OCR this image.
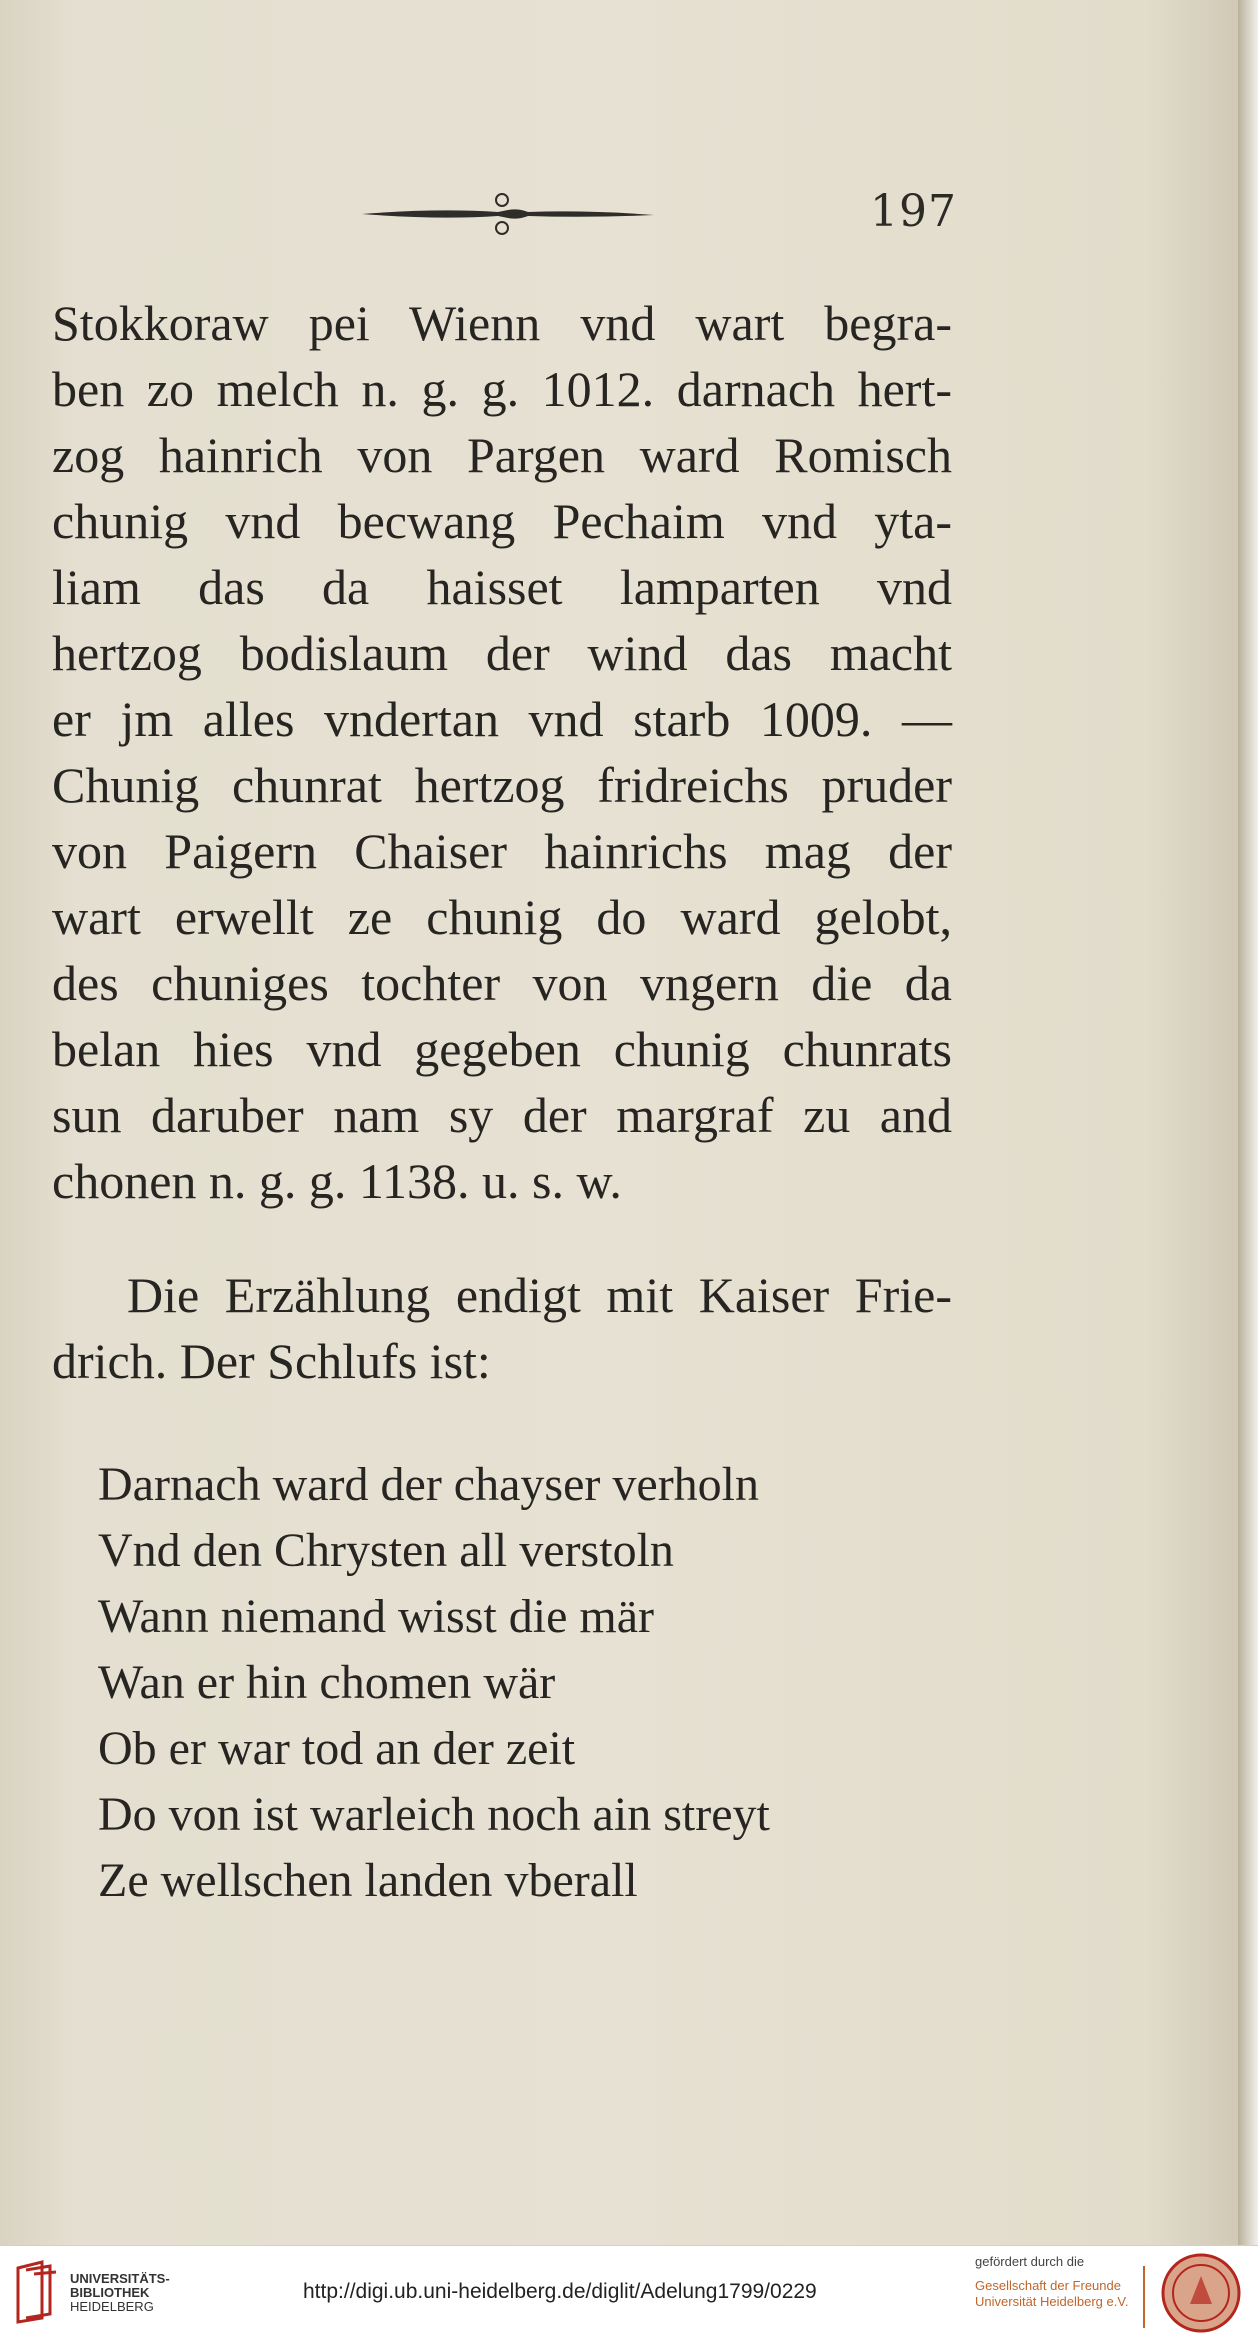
197
Stokkoraw pei Wienn vnd wart begra-
ben zo melch n. g. g. 1012. darnach hert-
zog hainrich von Pargen ward Romisch
chunig vnd becwang Pechaim vnd yta-
liam das da haisset lamparten vnd
hertzog bodislaum der wind das macht
er jm alles vndertan vnd starb 1009. —
Chunig chunrat hertzog fridreichs pruder
von Paigern Chaiser hainrichs mag der
wart erwellt ze chunig do ward gelobt,
des chuniges tochter von vngern die da
belan hies vnd gegeben chunig chunrats
sun daruber nam sy der margraf zu and
chonen n. g. g. 1138. u. s. w.
Die Erzählung endigt mit Kaiser Frie-
drich. Der Schlufs ist:
Darnach ward der chayser verholn
Vnd den Chrysten all verstoln
Wann niemand wisst die mär
Wan er hin chomen wär
Ob er war tod an der zeit
Do von ist warleich noch ain streyt
Ze wellschen landen vberall
UNIVERSITÄTS-
BIBLIOTHEK
HEIDELBERG
http://digi.ub.uni-heidelberg.de/diglit/Adelung1799/0229
gefördert durch die
Gesellschaft der Freunde
Universität Heidelberg e.V.
